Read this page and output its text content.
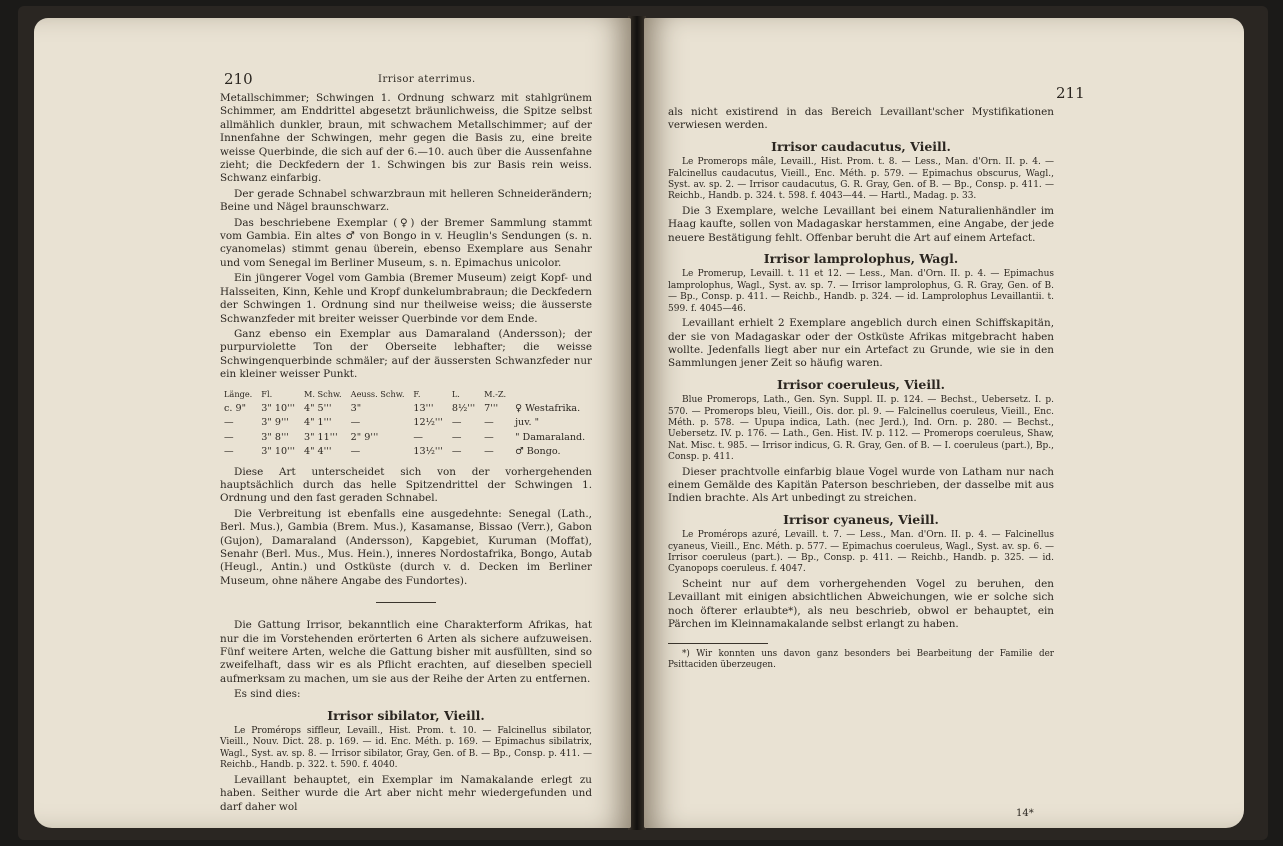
210	Irrisor aterrimus.

Metallschimmer; Schwingen 1. Ordnung schwarz mit stahlgrünem Schimmer, am Enddrittel abgesetzt bräunlichweiss, die Spitze selbst allmählich dunkler, braun, mit schwachem Metallschimmer; auf der Innenfahne der Schwingen, mehr gegen die Basis zu, eine breite weisse Querbinde, die sich auf der 6.—10. auch über die Aussenfahne zieht; die Deckfedern der 1. Schwingen bis zur Basis rein weiss. Schwanz einfarbig.

Der gerade Schnabel schwarzbraun mit helleren Schneiderändern; Beine und Nägel braunschwarz.

Das beschriebene Exemplar (♀) der Bremer Sammlung stammt vom Gambia. Ein altes ♂ von Bongo in v. Heuglin's Sendungen (s. n. cyanomelas) stimmt genau überein, ebenso Exemplare aus Senahr und vom Senegal im Berliner Museum, s. n. Epimachus unicolor.

Ein jüngerer Vogel vom Gambia (Bremer Museum) zeigt Kopf- und Halsseiten, Kinn, Kehle und Kropf dunkelumbrabraun; die Deckfedern der Schwingen 1. Ordnung sind nur theilweise weiss; die äusserste Schwanzfeder mit breiter weisser Querbinde vor dem Ende.

Ganz ebenso ein Exemplar aus Damaraland (Andersson); der purpurviolette Ton der Oberseite lebhafter; die weisse Schwingenquerbinde schmäler; auf der äussersten Schwanzfeder nur ein kleiner weisser Punkt.

Länge.	Fl.	M. Schw.	Aeuss. Schw.	F.	L.	M.-Z.	
c. 9"	3" 10'''	4" 5'''	3"	13'''	8½'''	7'''	♀ Westafrika.
—	3" 9'''	4" 1'''	—	12½'''	—	—	juv. "
—	3" 8'''	3" 11'''	2" 9'''	—	—	—	" Damaraland.
—	3" 10'''	4" 4'''	—	13½'''	—	—	♂ Bongo.

Diese Art unterscheidet sich von der vorhergehenden hauptsächlich durch das helle Spitzendrittel der Schwingen 1. Ordnung und den fast geraden Schnabel.

Die Verbreitung ist ebenfalls eine ausgedehnte: Senegal (Lath., Berl. Mus.), Gambia (Brem. Mus.), Kasamanse, Bissao (Verr.), Gabon (Gujon), Damaraland (Andersson), Kapgebiet, Kuruman (Moffat), Senahr (Berl. Mus., Mus. Hein.), inneres Nordostafrika, Bongo, Autab (Heugl., Antin.) und Ostküste (durch v. d. Decken im Berliner Museum, ohne nähere Angabe des Fundortes).

Die Gattung Irrisor, bekanntlich eine Charakterform Afrikas, hat nur die im Vorstehenden erörterten 6 Arten als sichere aufzuweisen. Fünf weitere Arten, welche die Gattung bisher mit ausfüllten, sind so zweifelhaft, dass wir es als Pflicht erachten, auf dieselben speciell aufmerksam zu machen, um sie aus der Reihe der Arten zu entfernen.

Es sind dies:

Irrisor sibilator, Vieill.

Le Promérops siffleur, Levaill., Hist. Prom. t. 10. — Falcinellus sibilator, Vieill., Nouv. Dict. 28. p. 169. — id. Enc. Méth. p. 169. — Epimachus sibilatrix, Wagl., Syst. av. sp. 8. — Irrisor sibilator, Gray, Gen. of B. — Bp., Consp. p. 411. — Reichb., Handb. p. 322. t. 590. f. 4040.

Levaillant behauptet, ein Exemplar im Namakalande erlegt zu haben. Seither wurde die Art aber nicht mehr wiedergefunden und darf daher wol

211

als nicht existirend in das Bereich Levaillant'scher Mystifikationen verwiesen werden.

Irrisor caudacutus, Vieill.

Le Promerops mâle, Levaill., Hist. Prom. t. 8. — Less., Man. d'Orn. II. p. 4. — Falcinellus caudacutus, Vieill., Enc. Méth. p. 579. — Epimachus obscurus, Wagl., Syst. av. sp. 2. — Irrisor caudacutus, G. R. Gray, Gen. of B. — Bp., Consp. p. 411. — Reichb., Handb. p. 324. t. 598. f. 4043—44. — Hartl., Madag. p. 33.

Die 3 Exemplare, welche Levaillant bei einem Naturalienhändler im Haag kaufte, sollen von Madagaskar herstammen, eine Angabe, der jede neuere Bestätigung fehlt. Offenbar beruht die Art auf einem Artefact.

Irrisor lamprolophus, Wagl.

Le Promerup, Levaill. t. 11 et 12. — Less., Man. d'Orn. II. p. 4. — Epimachus lamprolophus, Wagl., Syst. av. sp. 7. — Irrisor lamprolophus, G. R. Gray, Gen. of B. — Bp., Consp. p. 411. — Reichb., Handb. p. 324. — id. Lamprolophus Levaillantii. t. 599. f. 4045—46.

Levaillant erhielt 2 Exemplare angeblich durch einen Schiffskapitän, der sie von Madagaskar oder der Ostküste Afrikas mitgebracht haben wollte. Jedenfalls liegt aber nur ein Artefact zu Grunde, wie sie in den Sammlungen jener Zeit so häufig waren.

Irrisor coeruleus, Vieill.

Blue Promerops, Lath., Gen. Syn. Suppl. II. p. 124. — Bechst., Uebersetz. I. p. 570. — Promerops bleu, Vieill., Ois. dor. pl. 9. — Falcinellus coeruleus, Vieill., Enc. Méth. p. 578. — Upupa indica, Lath. (nec Jerd.), Ind. Orn. p. 280. — Bechst., Uebersetz. IV. p. 176. — Lath., Gen. Hist. IV. p. 112. — Promerops coeruleus, Shaw, Nat. Misc. t. 985. — Irrisor indicus, G. R. Gray, Gen. of B. — I. coeruleus (part.), Bp., Consp. p. 411.

Dieser prachtvolle einfarbig blaue Vogel wurde von Latham nur nach einem Gemälde des Kapitän Paterson beschrieben, der dasselbe mit aus Indien brachte. Als Art unbedingt zu streichen.

Irrisor cyaneus, Vieill.

Le Promérops azuré, Levaill. t. 7. — Less., Man. d'Orn. II. p. 4. — Falcinellus cyaneus, Vieill., Enc. Méth. p. 577. — Epimachus coeruleus, Wagl., Syst. av. sp. 6. — Irrisor coeruleus (part.). — Bp., Consp. p. 411. — Reichb., Handb. p. 325. — id. Cyanopops coeruleus. f. 4047.

Scheint nur auf dem vorhergehenden Vogel zu beruhen, den Levaillant mit einigen absichtlichen Abweichungen, wie er solche sich noch öfterer erlaubte*), als neu beschrieb, obwol er behauptet, ein Pärchen im Kleinnamakalande selbst erlangt zu haben.

*) Wir konnten uns davon ganz besonders bei Bearbeitung der Familie der Psittaciden überzeugen.

14*
